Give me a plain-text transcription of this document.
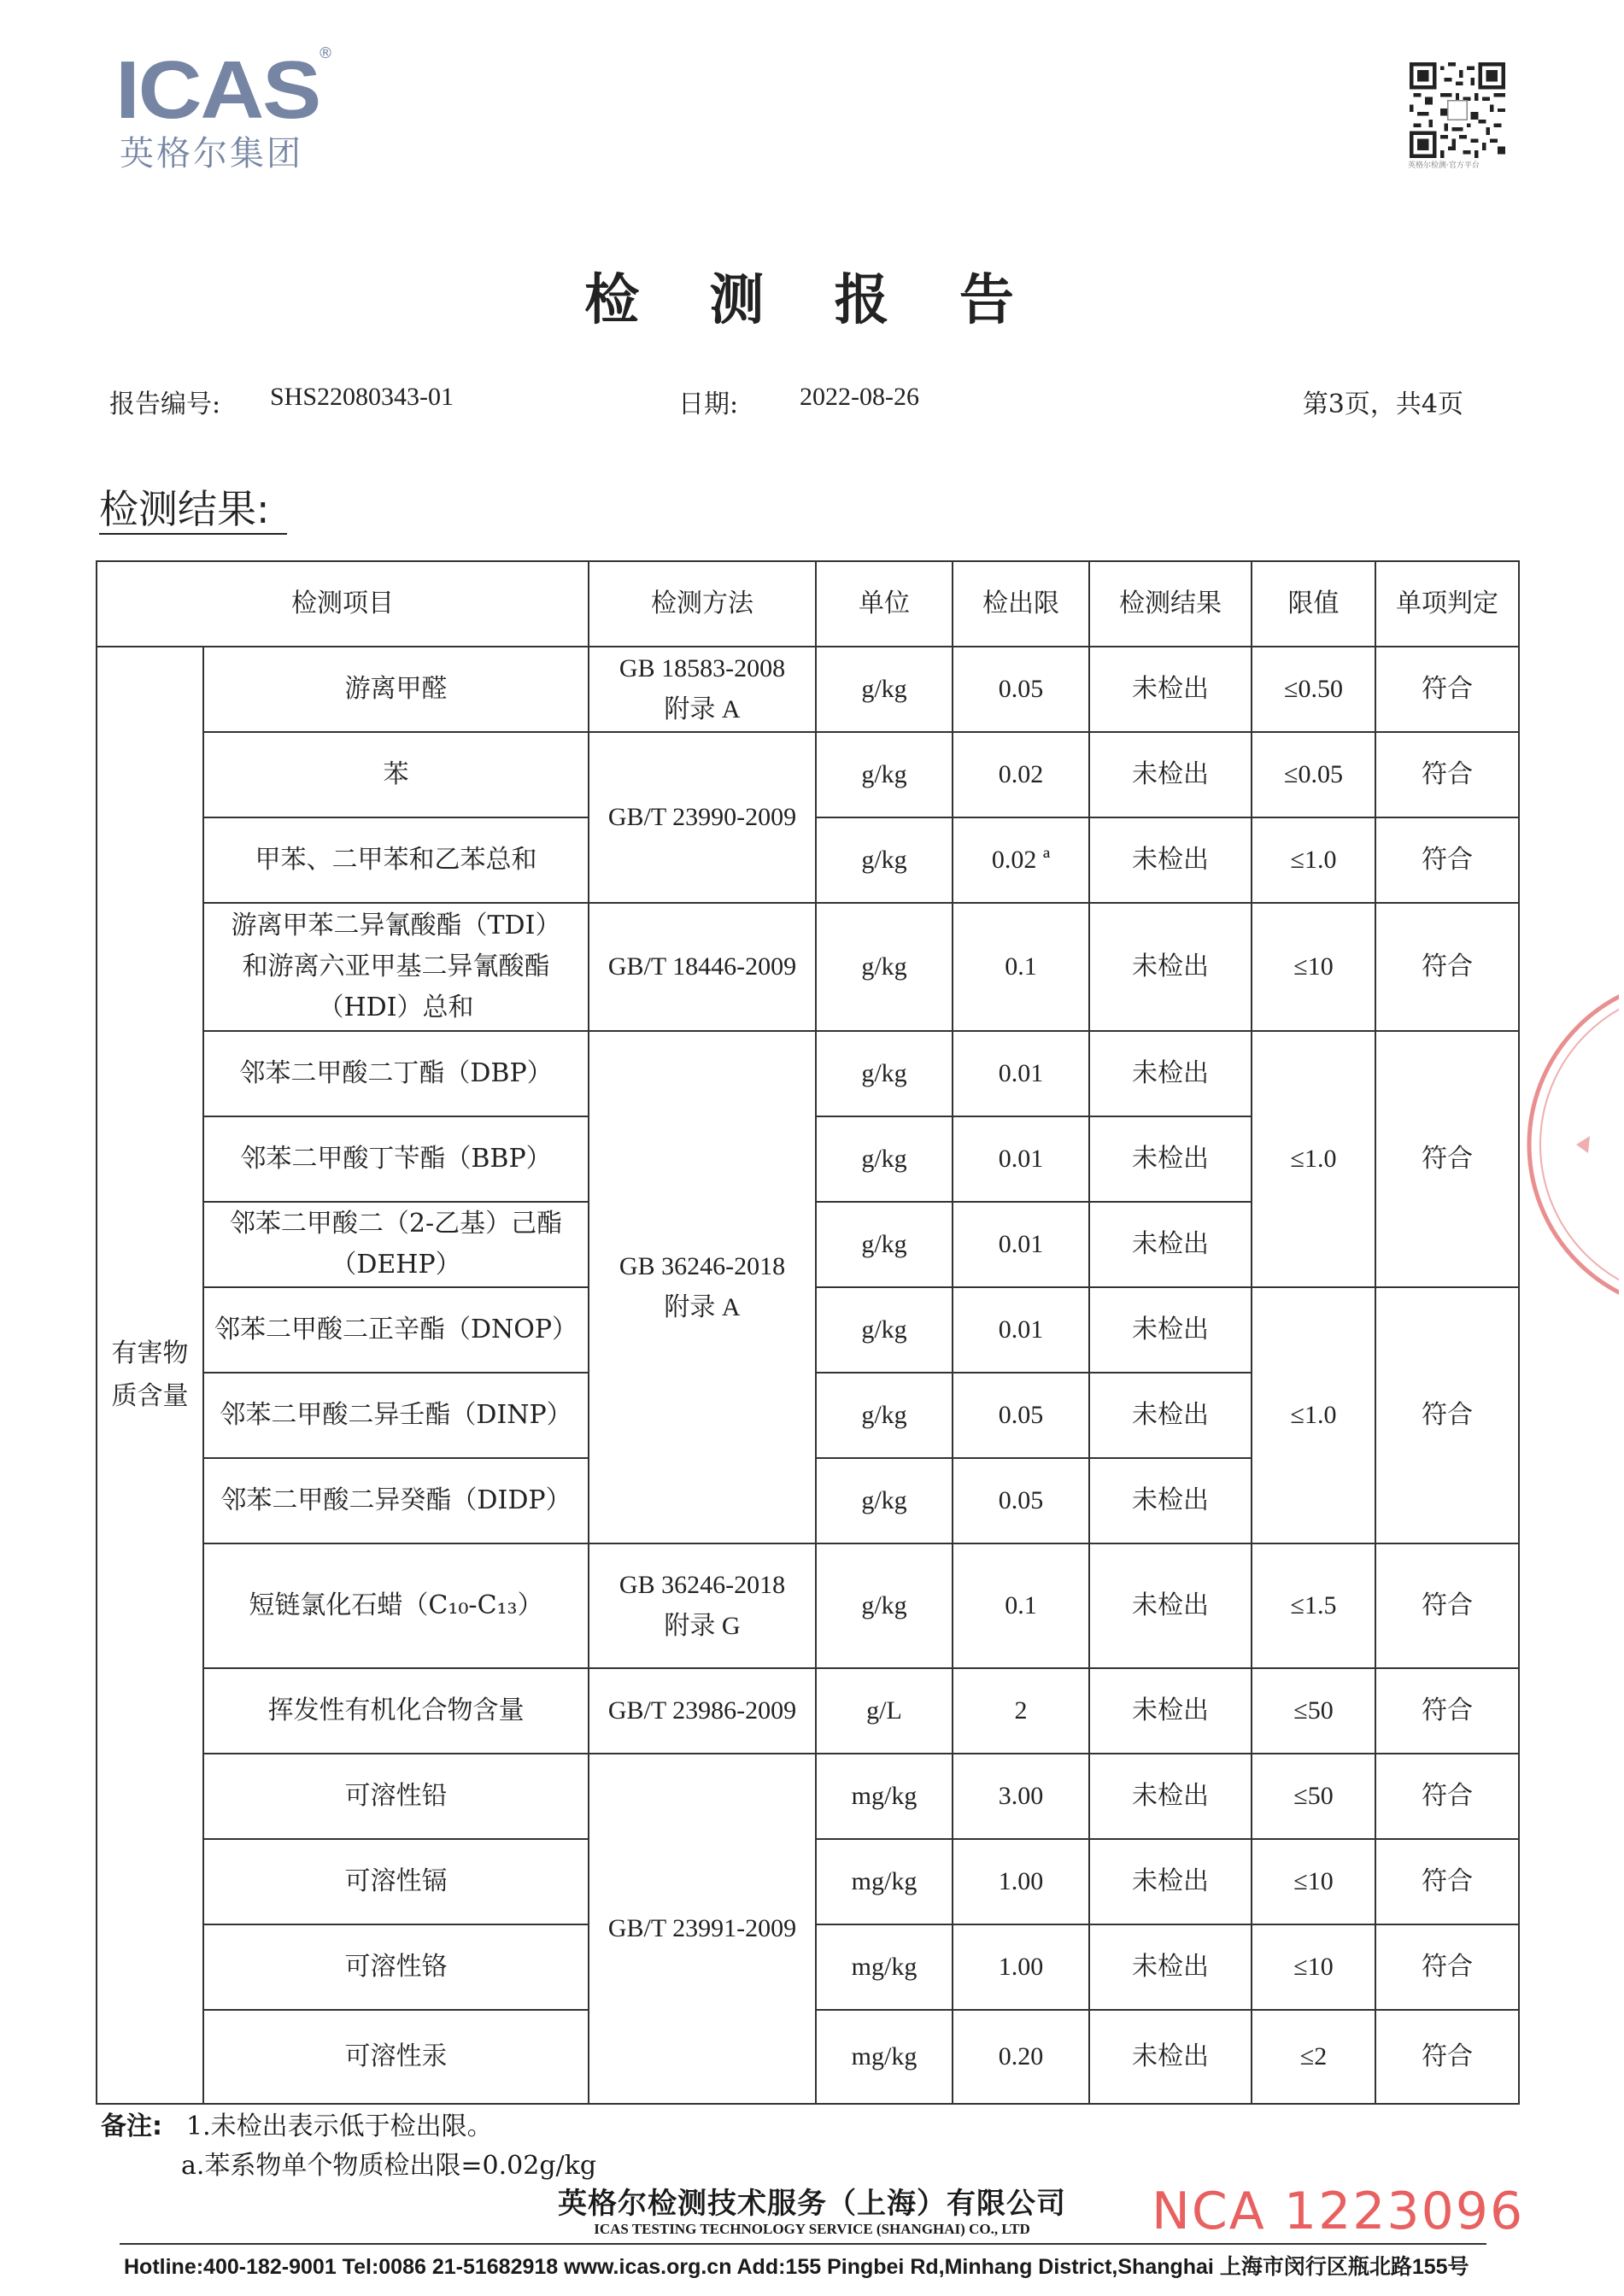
ICAS
®
英格尔集团	英格尔检测·官方平台
检 测 报 告
报告编号: SHS22080343-01	日期: 2022-08-26	第3页，共4页
检测结果:
检测项目		检测方法	单位	检出限	检测结果	限值	单项判定
有害物质含量	游离甲醛	GB 18583-2008
附录 A	g/kg	0.05	未检出	≤0.50	符合
	苯	GB/T 23990-2009	g/kg	0.02	未检出	≤0.05	符合
	甲苯、二甲苯和乙苯总和		g/kg	0.02 ª	未检出	≤1.0	符合
	游离甲苯二异氰酸酯（TDI）
和游离六亚甲基二异氰酸酯
（HDI）总和	GB/T 18446-2009	g/kg	0.1	未检出	≤10	符合
	邻苯二甲酸二丁酯（DBP）	GB 36246-2018
附录 A	g/kg	0.01	未检出	≤1.0	符合
	邻苯二甲酸丁苄酯（BBP）		g/kg	0.01	未检出		
	邻苯二甲酸二（2-乙基）己酯
（DEHP）		g/kg	0.01	未检出		
	邻苯二甲酸二正辛酯（DNOP）		g/kg	0.01	未检出	≤1.0	符合
	邻苯二甲酸二异壬酯（DINP）		g/kg	0.05	未检出		
	邻苯二甲酸二异癸酯（DIDP）		g/kg	0.05	未检出		
	短链氯化石蜡（C₁₀-C₁₃）	GB 36246-2018
附录 G	g/kg	0.1	未检出	≤1.5	符合
	挥发性有机化合物含量	GB/T 23986-2009	g/L	2	未检出	≤50	符合
	可溶性铅	GB/T 23991-2009	mg/kg	3.00	未检出	≤50	符合
	可溶性镉		mg/kg	1.00	未检出	≤10	符合
	可溶性铬		mg/kg	1.00	未检出	≤10	符合
	可溶性汞		mg/kg	0.20	未检出	≤2	符合
备注: 1.未检出表示低于检出限。
a.苯系物单个物质检出限=0.02g/kg
英格尔检测技术服务（上海）有限公司
ICAS TESTING TECHNOLOGY SERVICE (SHANGHAI) CO., LTD
Hotline:400-182-9001 Tel:0086 21-51682918 www.icas.org.cn Add:155 Pingbei Rd,Minhang District,Shanghai 上海市闵行区瓶北路155号
NCA 1223096
